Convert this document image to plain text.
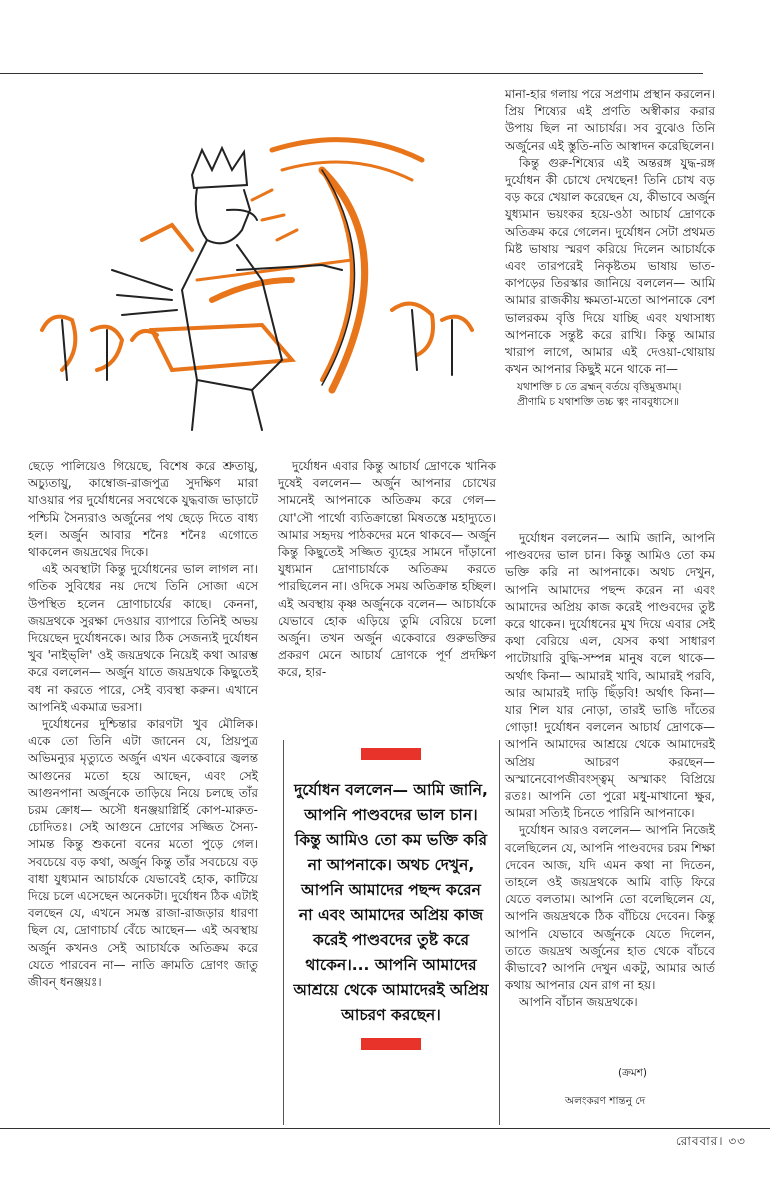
ছেড়ে পালিয়েও গিয়েছে, বিশেষ করে শ্রুতায়ু, অচ্যুতায়ু, কাম্বোজ-রাজপুত্র সুদক্ষিণ মারা যাওয়ার পর দুর্যোধনের সবথেকে যুদ্ধবাজ ভাড়াটে পশ্চিমি সৈন্যরাও অর্জুনের পথ ছেড়ে দিতে বাধ্য হল। অর্জুন আবার শনৈঃ শনৈঃ এগোতে থাকলেন জয়দ্রথের দিকে।

এই অবস্থাটা কিন্তু দুর্যোধনের ভাল লাগল না। গতিক সুবিধের নয় দেখে তিনি সোজা এসে উপস্থিত হলেন দ্রোণাচার্যের কাছে। কেননা, জয়দ্রথকে সুরক্ষা দেওয়ার ব্যাপারে তিনিই অভয় দিয়েছেন দুর্যোধনকে। আর ঠিক সেজন্যই দুর্যোধন খুব 'নাইভ্‌লি' ওই জয়দ্রথকে নিয়েই কথা আরম্ভ করে বললেন— অর্জুন যাতে জয়দ্রথকে কিছুতেই বধ না করতে পারে, সেই ব্যবস্থা করুন। এখানে আপনিই একমাত্র ভরসা।

দুর্যোধনের দুশ্চিন্তার কারণটা খুব মৌলিক। একে তো তিনি এটা জানেন যে, প্রিয়পুত্র অভিমন্যুর মৃত্যুতে অর্জুন এখন একেবারে জ্বলন্ত আগুনের মতো হয়ে আছেন, এবং সেই আগুনপানা অর্জুনকে তাড়িয়ে নিয়ে চলছে তাঁর চরম ক্রোধ— অসৌ ধনঞ্জয়াগ্নির্হি কোপ-মারুত-চোদিতঃ। সেই আগুনে দ্রোণের সজ্জিত সৈন্য-সামন্ত কিন্তু শুকনো বনের মতো পুড়ে গেল। সবচেয়ে বড় কথা, অর্জুন কিন্তু তাঁর সবচেয়ে বড় বাধা যুধ্যমান আচার্যকে যেভাবেই হোক, কাটিয়ে দিয়ে চলে এসেছেন অনেকটা। দুর্যোধন ঠিক এটাই বলছেন যে, এখনে সমস্ত রাজা-রাজড়ার ধারণা ছিল যে, দ্রোণাচার্য বেঁচে আছেন— এই অবস্থায় অর্জুন কখনও সেই আচার্যকে অতিক্রম করে যেতে পারবেন না— নাতি ক্রামতি দ্রোণং জাতু জীবন্ ধনঞ্জয়ঃ।

দুর্যোধন এবার কিন্তু আচার্য দ্রোণকে খানিক দুষেই বললেন— অর্জুন আপনার চোখের সামনেই আপনাকে অতিক্রম করে গেল— যো'সৌ পার্থো ব্যতিক্রান্তো মিষতস্তে মহাদ্যুতে। আমার সহৃদয় পাঠকদের মনে থাকবে— অর্জুন কিন্তু কিছুতেই সজ্জিত ব্যূহের সামনে দাঁড়ানো যুধ্যমান দ্রোণাচার্যকে অতিক্রম করতে পারছিলেন না। ওদিকে সময় অতিক্রান্ত হচ্ছিল। এই অবস্থায় কৃষ্ণ অর্জুনকে বলেন— আচার্যকে যেভাবে হোক এড়িয়ে তুমি বেরিয়ে চলো অর্জুন। তখন অর্জুন একেবারে গুরুভক্তির প্রকরণ মেনে আচার্য দ্রোণকে পূর্ণ প্রদক্ষিণ করে, হার-

দুর্যোধন বললেন— আমি জানি, আপনি পাণ্ডবদের ভাল চান। কিন্তু আমিও তো কম ভক্তি করি না আপনাকে। অথচ দেখুন, আপনি আমাদের পছন্দ করেন না এবং আমাদের অপ্রিয় কাজ করেই পাণ্ডবদের তুষ্ট করে থাকেন।... আপনি আমাদের আশ্রয়ে থেকে আমাদেরই অপ্রিয় আচরণ করছেন।

মানা-হার গলায় পরে সপ্রণাম প্রস্থান করলেন। প্রিয় শিষ্যের এই প্রণতি অস্বীকার করার উপায় ছিল না আচার্যর। সব বুঝেও তিনি অর্জুনের এই স্তুতি-নতি আস্বাদন করেছিলেন।

কিন্তু গুরু-শিষ্যের এই অন্তরঙ্গ যুদ্ধ-রঙ্গ দুর্যোধন কী চোখে দেখছেন! তিনি চোখ বড় বড় করে খেয়াল করেছেন যে, কীভাবে অর্জুন যুধ্যমান ভয়ংকর হয়ে-ওঠা আচার্য দ্রোণকে অতিক্রম করে গেলেন। দুর্যোধন সেটা প্রথমত মিষ্ট ভাষায় স্মরণ করিয়ে দিলেন আচার্যকে এবং তারপরেই নিকৃষ্টতম ভাষায় ভাত-কাপড়ের তিরস্কার জানিয়ে বললেন— আমি আমার রাজকীয় ক্ষমতা-মতো আপনাকে বেশ ভালরকম বৃত্তি দিয়ে যাচ্ছি এবং যথাসাধ্য আপনাকে সন্তুষ্ট করে রাখি। কিন্তু আমার খারাপ লাগে, আমার এই দেওয়া-থোয়ায় কখন আপনার কিছুই মনে থাকে না—

যথাশক্তি চ তে ব্রহ্মন্ বর্তয়ে বৃত্তিমুত্তমাম্।

প্রীণামি চ যথাশক্তি তচ্চ ত্বং নাববুধ্যসে॥

দুর্যোধন বললেন— আমি জানি, আপনি পাণ্ডবদের ভাল চান। কিন্তু আমিও তো কম ভক্তি করি না আপনাকে। অথচ দেখুন, আপনি আমাদের পছন্দ করেন না এবং আমাদের অপ্রিয় কাজ করেই পাণ্ডবদের তুষ্ট করে থাকেন। দুর্যোধনের মুখ দিয়ে এবার সেই কথা বেরিয়ে এল, যেসব কথা সাধারণ পাটোয়ারি বুদ্ধি-সম্পন্ন মানুষ বলে থাকে— অর্থাৎ কিনা— আমারই খাবি, আমারই পরবি, আর আমারই দাড়ি ছিঁড়বি! অর্থাৎ কিনা— যার শিল যার নোড়া, তারই ভাঙি দাঁতের গোড়া! দুর্যোধন বললেন আচার্য দ্রোণকে— আপনি আমাদের আশ্রয়ে থেকে আমাদেরই অপ্রিয় আচরণ করছেন— অস্মানেবোপজীবংস্ত্বম্ অস্মাকং বিপ্রিয়ে রতঃ। আপনি তো পুরো মধু-মাখানো ক্ষুর, আমরা সত্যিই চিনতে পারিনি আপনাকে।

দুর্যোধন আরও বললেন— আপনি নিজেই বলেছিলেন যে, আপনি পাণ্ডবদের চরম শিক্ষা দেবেন আজ, যদি এমন কথা না দিতেন, তাহলে ওই জয়দ্রথকে আমি বাড়ি ফিরে যেতে বলতাম। আপনি তো বলেছিলেন যে, আপনি জয়দ্রথকে ঠিক বাঁচিয়ে দেবেন। কিন্তু আপনি যেভাবে অর্জুনকে যেতে দিলেন, তাতে জয়দ্রথ অর্জুনের হাত থেকে বাঁচবে কীভাবে? আপনি দেখুন একটু, আমার আর্ত কথায় আপনার যেন রাগ না হয়।

আপনি বাঁচান জয়দ্রথকে।

(ক্রমশ)
অলংকরণ শান্তনু দে
রোববার। ৩৩
